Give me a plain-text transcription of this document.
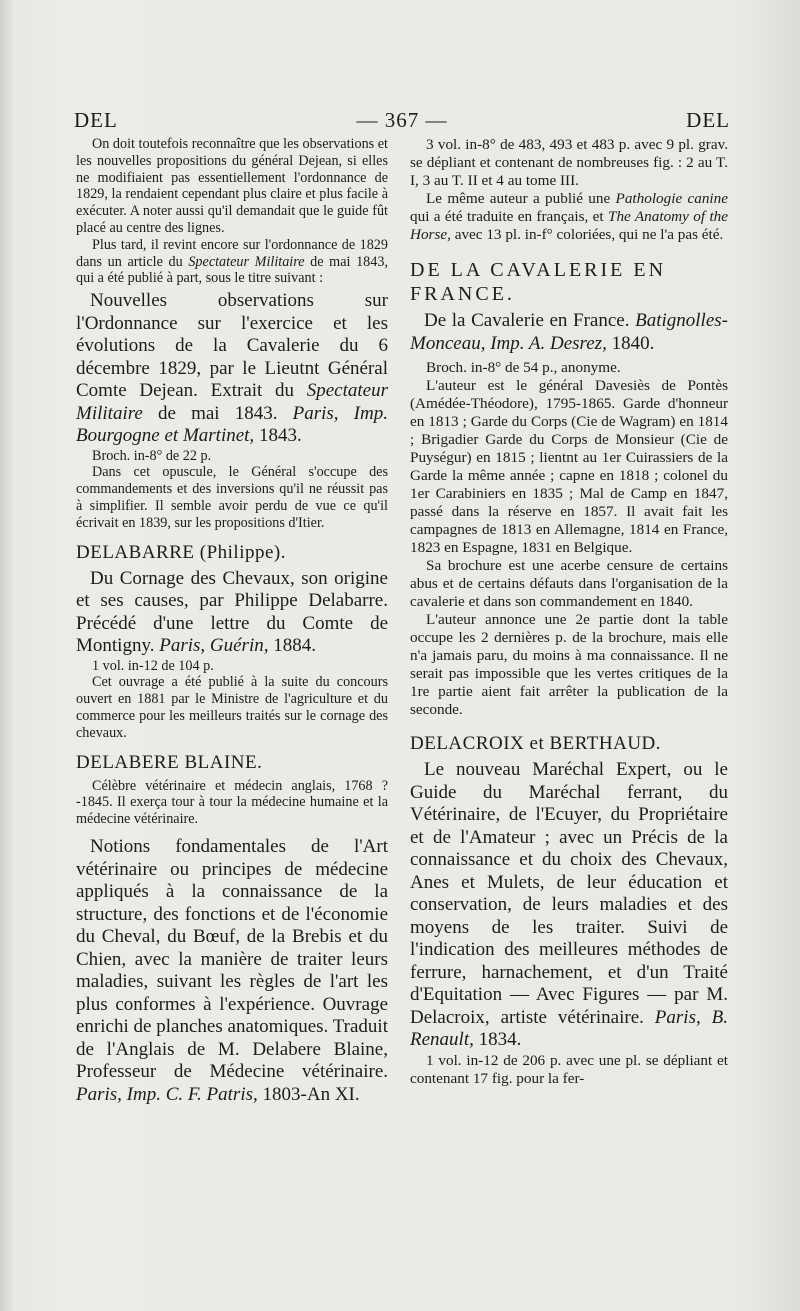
DEL	— 367 —	DEL

On doit toutefois reconnaître que les observations et les nouvelles propositions du général Dejean, si elles ne modifiaient pas essentiellement l'ordonnance de 1829, la rendaient cependant plus claire et plus facile à exécuter. A noter aussi qu'il demandait que le guide fût placé au centre des lignes.

Plus tard, il revint encore sur l'ordonnance de 1829 dans un article du Spectateur Militaire de mai 1843, qui a été publié à part, sous le titre suivant :

Nouvelles observations sur l'Ordonnance sur l'exercice et les évolutions de la Cavalerie du 6 décembre 1829, par le Lieutnt Général Comte Dejean. Extrait du Spectateur Militaire de mai 1843. Paris, Imp. Bourgogne et Martinet, 1843.

Broch. in-8° de 22 p.

Dans cet opuscule, le Général s'occupe des commandements et des inversions qu'il ne réussit pas à simplifier. Il semble avoir perdu de vue ce qu'il écrivait en 1839, sur les propositions d'Itier.

DELABARRE (Philippe).

Du Cornage des Chevaux, son origine et ses causes, par Philippe Delabarre. Précédé d'une lettre du Comte de Montigny. Paris, Guérin, 1884.

1 vol. in-12 de 104 p.

Cet ouvrage a été publié à la suite du concours ouvert en 1881 par le Ministre de l'agriculture et du commerce pour les meilleurs traités sur le cornage des chevaux.

DELABERE BLAINE.

Célèbre vétérinaire et médecin anglais, 1768 ?-1845. Il exerça tour à tour la médecine humaine et la médecine vétérinaire.

Notions fondamentales de l'Art vétérinaire ou principes de médecine appliqués à la connaissance de la structure, des fonctions et de l'économie du Cheval, du Bœuf, de la Brebis et du Chien, avec la manière de traiter leurs maladies, suivant les règles de l'art les plus conformes à l'expérience. Ouvrage enrichi de planches anatomiques. Traduit de l'Anglais de M. Delabere Blaine, Professeur de Médecine vétérinaire. Paris, Imp. C. F. Patris, 1803-An XI.

3 vol. in-8° de 483, 493 et 483 p. avec 9 pl. grav. se dépliant et contenant de nombreuses fig. : 2 au T. I, 3 au T. II et 4 au tome III.

Le même auteur a publié une Pathologie canine qui a été traduite en français, et The Anatomy of the Horse, avec 13 pl. in-f° coloriées, qui ne l'a pas été.

DE LA CAVALERIE EN FRANCE.

De la Cavalerie en France. Batignolles-Monceau, Imp. A. Desrez, 1840.

Broch. in-8° de 54 p., anonyme.

L'auteur est le général Davesiès de Pontès (Amédée-Théodore), 1795-1865. Garde d'honneur en 1813 ; Garde du Corps (Cie de Wagram) en 1814 ; Brigadier Garde du Corps de Monsieur (Cie de Puységur) en 1815 ; lientnt au 1er Cuirassiers de la Garde la même année ; capne en 1818 ; colonel du 1er Carabiniers en 1835 ; Mal de Camp en 1847, passé dans la réserve en 1857. Il avait fait les campagnes de 1813 en Allemagne, 1814 en France, 1823 en Espagne, 1831 en Belgique.

Sa brochure est une acerbe censure de certains abus et de certains défauts dans l'organisation de la cavalerie et dans son commandement en 1840.

L'auteur annonce une 2e partie dont la table occupe les 2 dernières p. de la brochure, mais elle n'a jamais paru, du moins à ma connaissance. Il ne serait pas impossible que les vertes critiques de la 1re partie aient fait arrêter la publication de la seconde.

DELACROIX et BERTHAUD.

Le nouveau Maréchal Expert, ou le Guide du Maréchal ferrant, du Vétérinaire, de l'Ecuyer, du Propriétaire et de l'Amateur ; avec un Précis de la connaissance et du choix des Chevaux, Anes et Mulets, de leur éducation et conservation, de leurs maladies et des moyens de les traiter. Suivi de l'indication des meilleures méthodes de ferrure, harnachement, et d'un Traité d'Equitation — Avec Figures — par M. Delacroix, artiste vétérinaire. Paris, B. Renault, 1834.

1 vol. in-12 de 206 p. avec une pl. se dépliant et contenant 17 fig. pour la fer-
